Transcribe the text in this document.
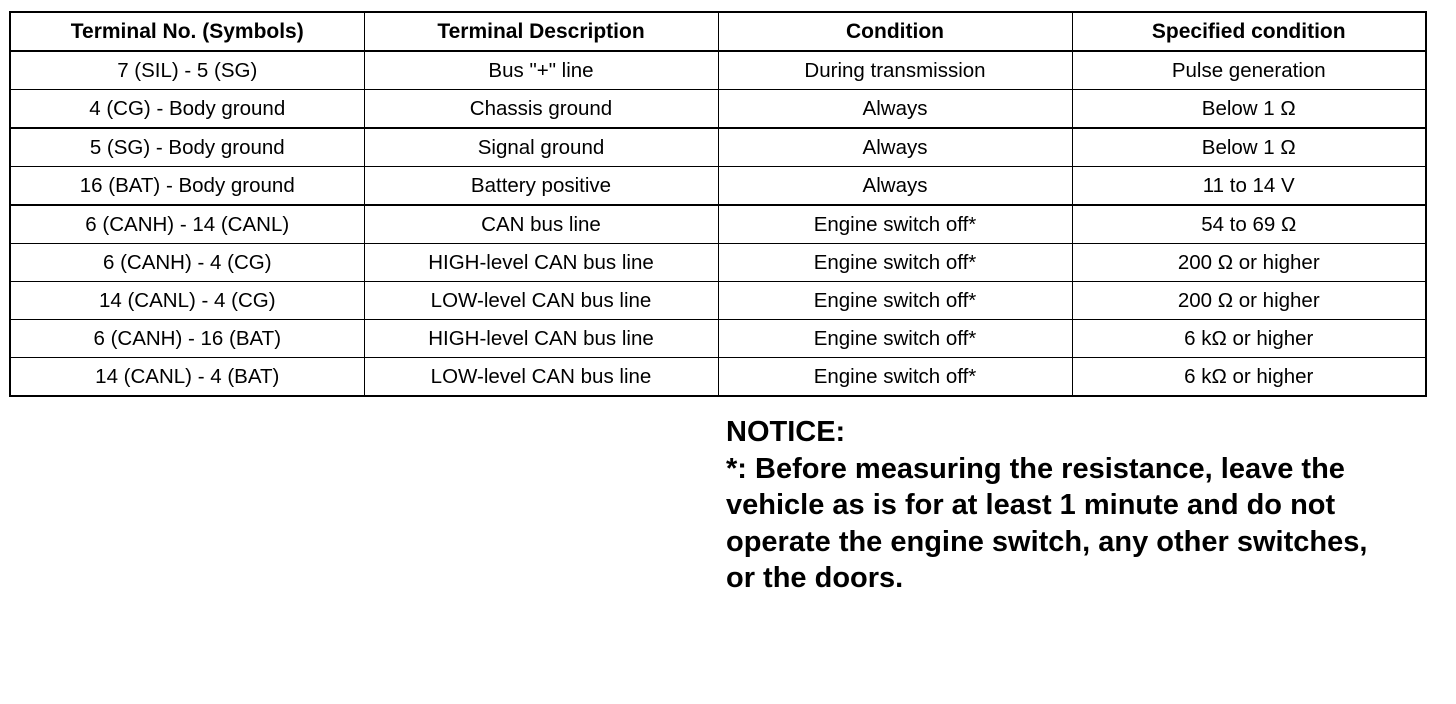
Terminal No. (Symbols)	Terminal Description	Condition	Specified condition
7 (SIL) - 5 (SG)	Bus "+" line	During transmission	Pulse generation
4 (CG) - Body ground	Chassis ground	Always	Below 1 Ω
5 (SG) - Body ground	Signal ground	Always	Below 1 Ω
16 (BAT) - Body ground	Battery positive	Always	11 to 14 V
6 (CANH) - 14 (CANL)	CAN bus line	Engine switch off*	54 to 69 Ω
6 (CANH) - 4 (CG)	HIGH-level CAN bus line	Engine switch off*	200 Ω or higher
14 (CANL) - 4 (CG)	LOW-level CAN bus line	Engine switch off*	200 Ω or higher
6 (CANH) - 16 (BAT)	HIGH-level CAN bus line	Engine switch off*	6 kΩ or higher
14 (CANL) - 4 (BAT)	LOW-level CAN bus line	Engine switch off*	6 kΩ or higher
NOTICE:
*: Before measuring the resistance, leave the
vehicle as is for at least 1 minute and do not
operate the engine switch, any other switches,
or the doors.
